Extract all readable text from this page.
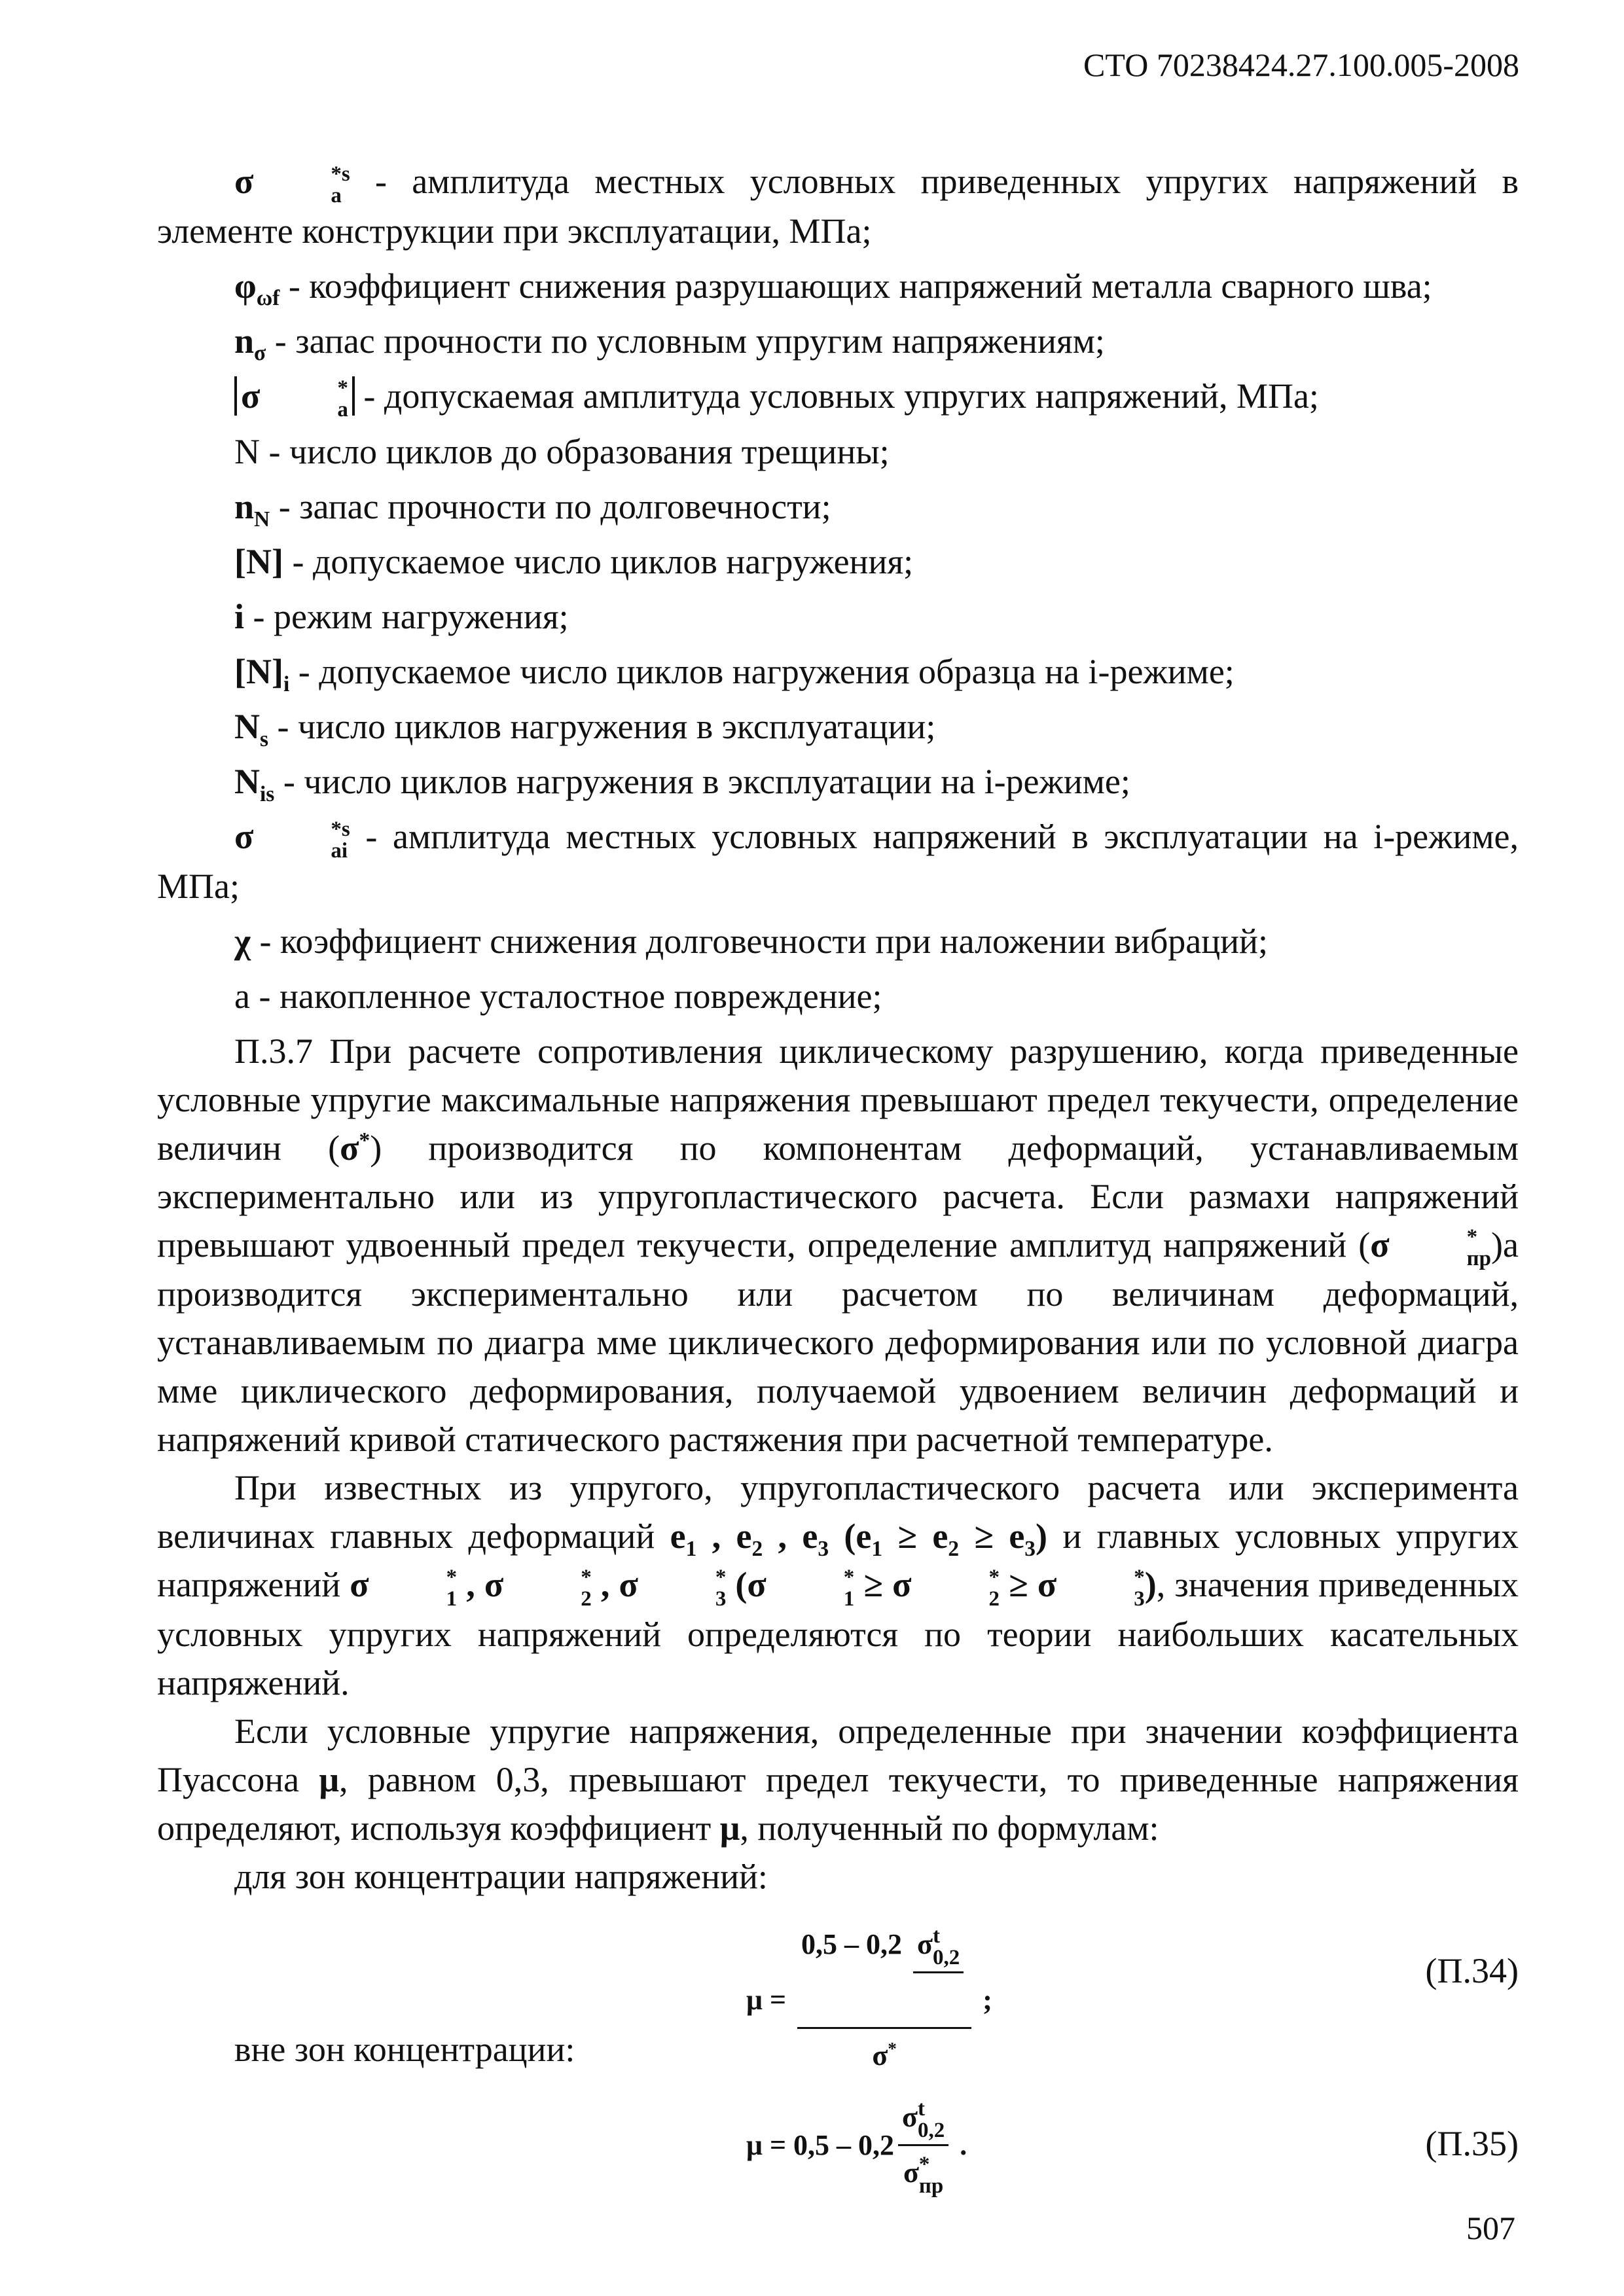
СТО 70238424.27.100.005-2008

σ	*s
a - амплитуда местных условных приведенных упругих напряжений в элементе конструкции при эксплуатации, МПа;

$\varphi_{\omega f}$ - коэффициент снижения разрушающих напряжений металла сварного шва;

$n_\sigma$ - запас прочности по условным упругим напряжениям;

σ	*
a - допускаемая амплитуда условных упругих напряжений, МПа;

N - число циклов до образования трещины;

$n_N$ - запас прочности по долговечности;

[N] - допускаемое число циклов нагружения;

i - режим нагружения;

$[N]_i$ - допускаемое число циклов нагружения образца на i-режиме;

$N_s$ - число циклов нагружения в эксплуатации;

$N_{is}$ - число циклов нагружения в эксплуатации на i-режиме;

σ	*s
ai - амплитуда местных условных напряжений в эксплуатации на i-режиме, МПа;

χ - коэффициент снижения долговечности при наложении вибраций;

a - накопленное усталостное повреждение;

П.3.7 При расчете сопротивления циклическому разрушению, когда приведенные условные упругие максимальные напряжения превышают предел текучести, определение величин (σ*) производится по компонентам деформаций, устанавливаемым экспериментально или из упругопластического расчета. Если размахи напряжений превышают удвоенный предел текучести, определение амплитуд напряжений (σ	*
пр )a производится экспериментально или расчетом по величинам деформаций, устанавливаемым по диагра мме циклического деформирования или по условной диагра мме циклического деформирования, получаемой удвоением величин деформаций и напряжений кривой статического растяжения при расчетной температуре.

При известных из упругого, упругопластического расчета или эксперимента величинах главных деформаций $e_1$ , $e_2$ , $e_3$ $(e_1 \ge e_2 \ge e_3)$ и главных условных упругих напряжений σ	*
1 , σ	*
2 , σ	*
3 (σ	*
1 ≥ σ	*
2 ≥ σ	*
3 ), значения приведенных условных упругих напряжений определяются по теории наибольших касательных напряжений.

Если условные упругие напряжения, определенные при значении коэффициента Пуассона μ, равном 0,3, превышают предел текучести, то приведенные напряжения определяют, используя коэффициент μ, полученный по формулам:

для зон концентрации напряжений:
μ =
0,5 – 0,2 σ t
0,2
σ*
;
(П.34)
вне зон концентрации:
μ =
0,5 – 0,2 σ t
0,2
σ *
пр
.	(П.35)
507
